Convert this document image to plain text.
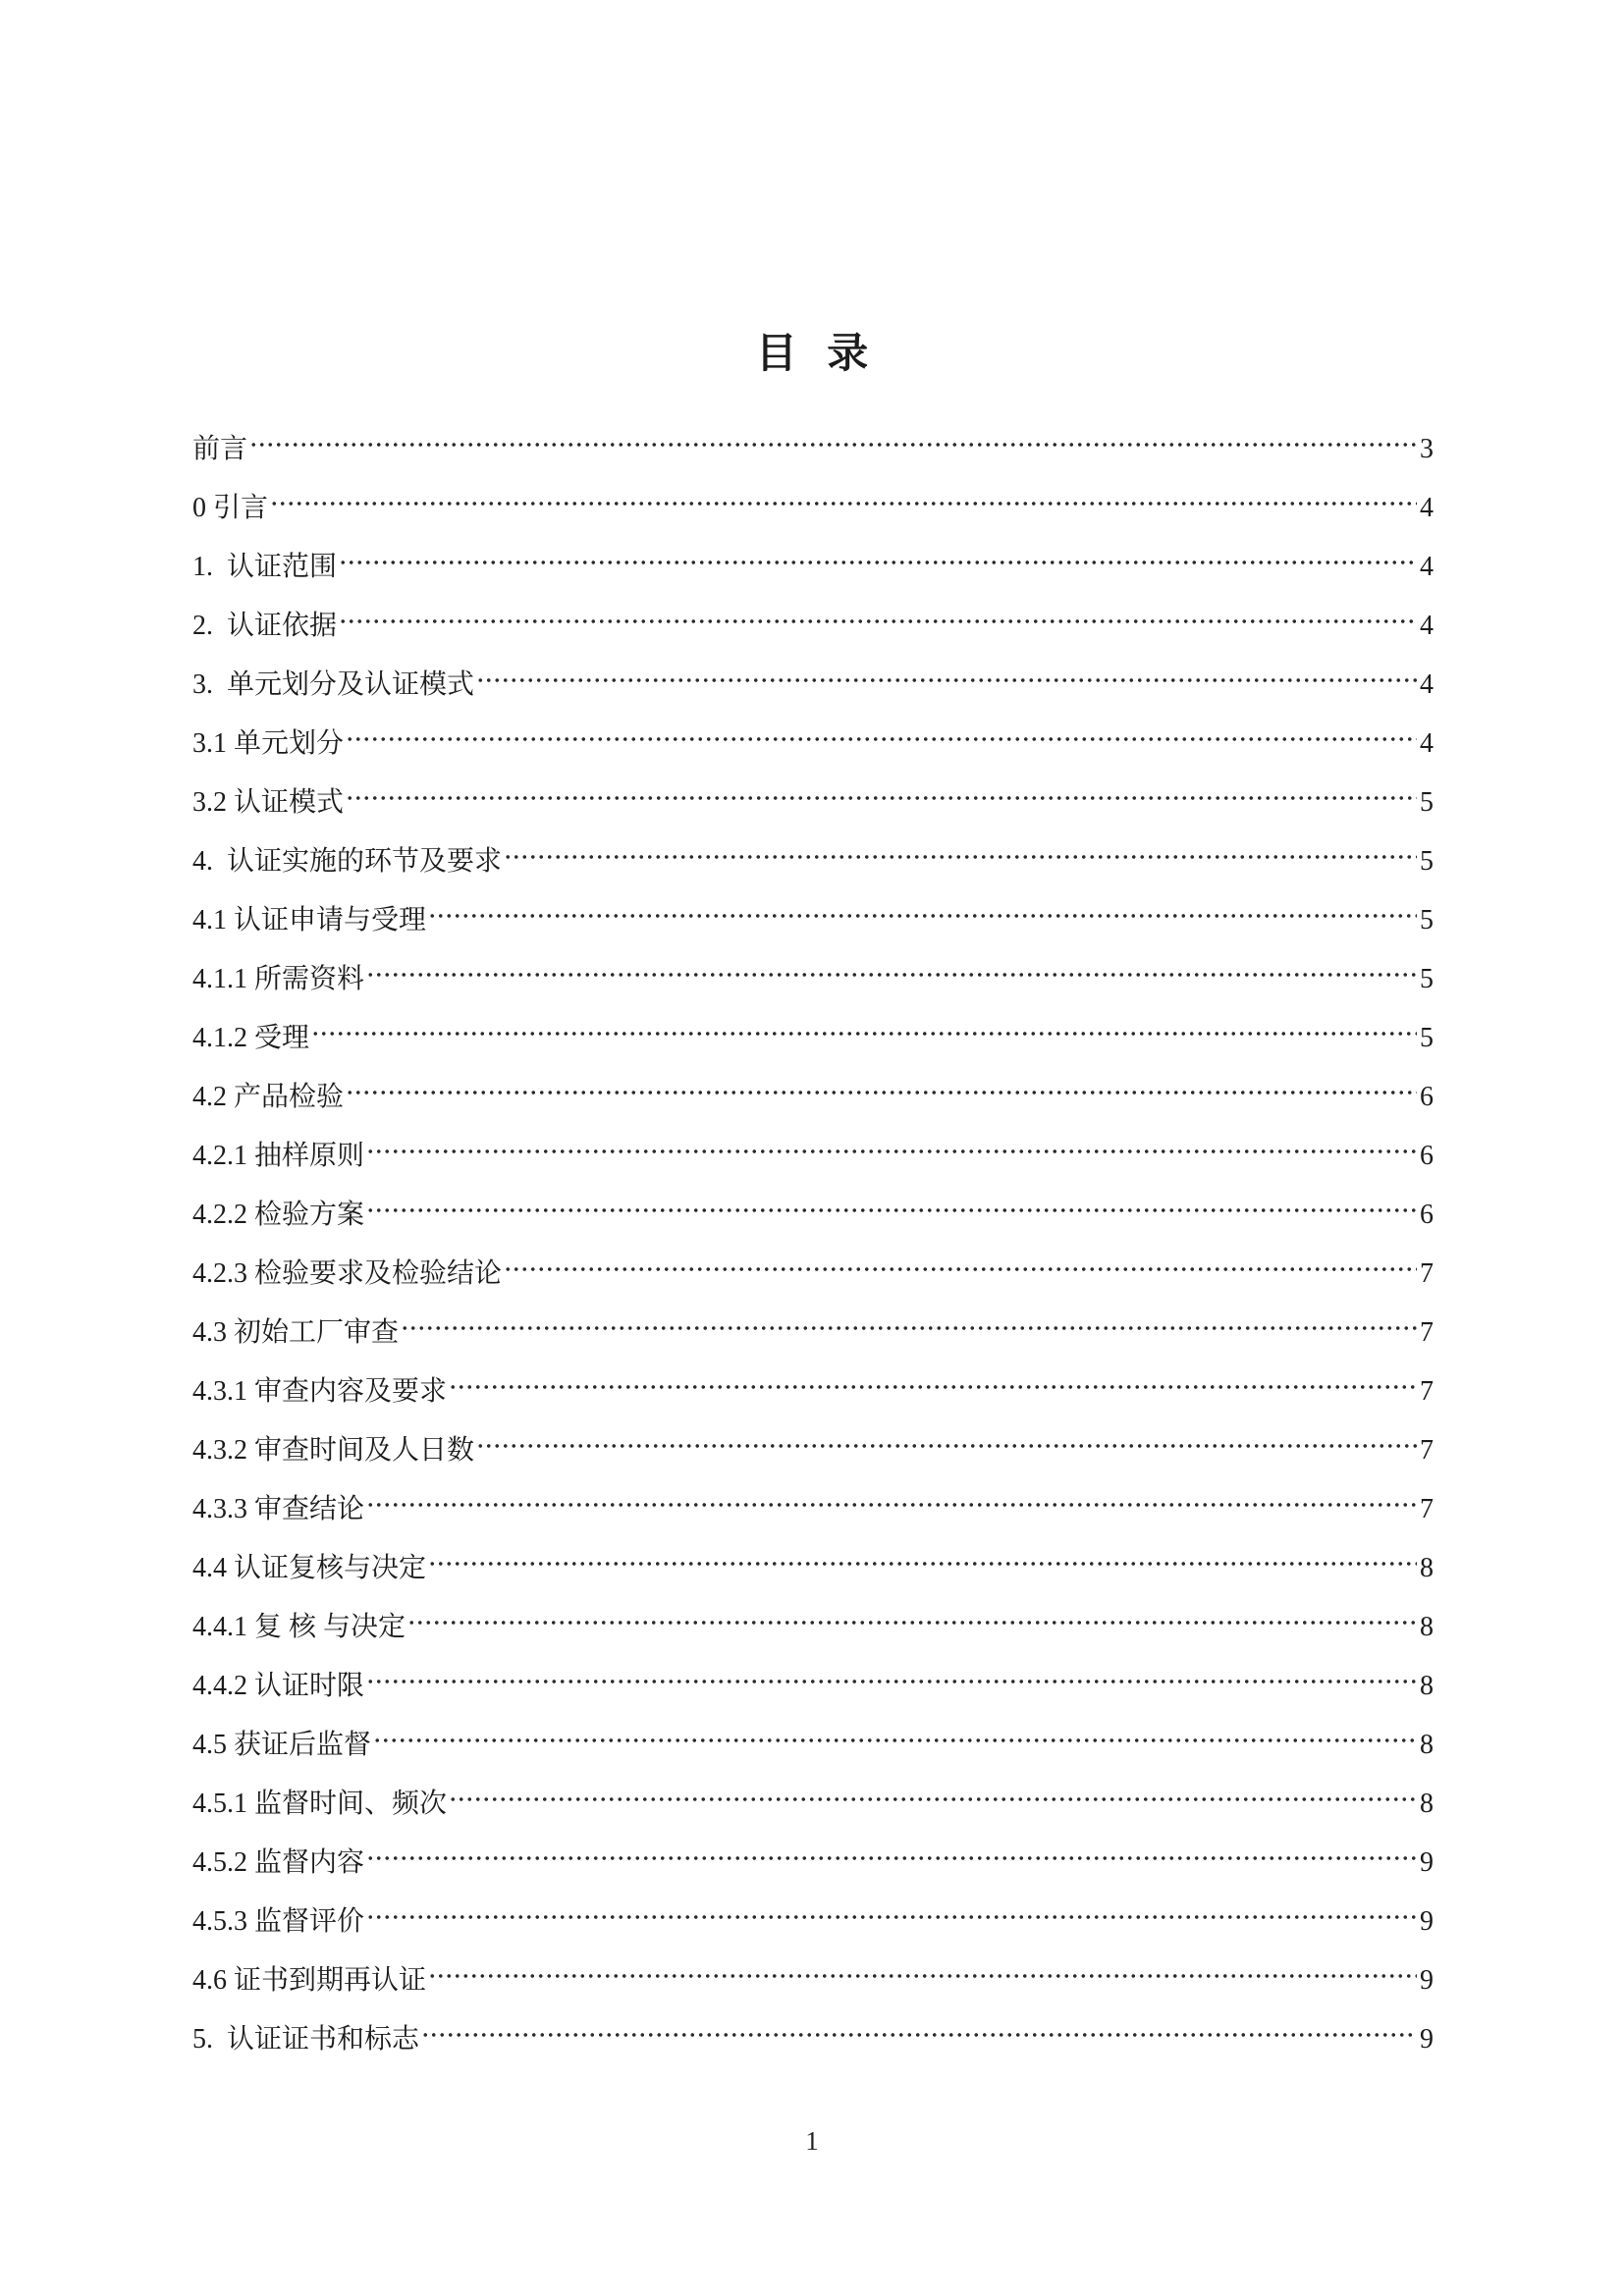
目 录
前言	3
0 引言	4
1.  认证范围	4
2.  认证依据	4
3.  单元划分及认证模式	4
3.1 单元划分	4
3.2 认证模式	5
4.  认证实施的环节及要求	5
4.1 认证申请与受理	5
4.1.1 所需资料	5
4.1.2 受理	5
4.2 产品检验	6
4.2.1 抽样原则	6
4.2.2 检验方案	6
4.2.3 检验要求及检验结论	7
4.3 初始工厂审查	7
4.3.1 审查内容及要求	7
4.3.2 审查时间及人日数	7
4.3.3 审查结论	7
4.4 认证复核与决定	8
4.4.1 复 核 与决定	8
4.4.2 认证时限	8
4.5 获证后监督	8
4.5.1 监督时间、频次	8
4.5.2 监督内容	9
4.5.3 监督评价	9
4.6 证书到期再认证	9
5.  认证证书和标志	9
1
